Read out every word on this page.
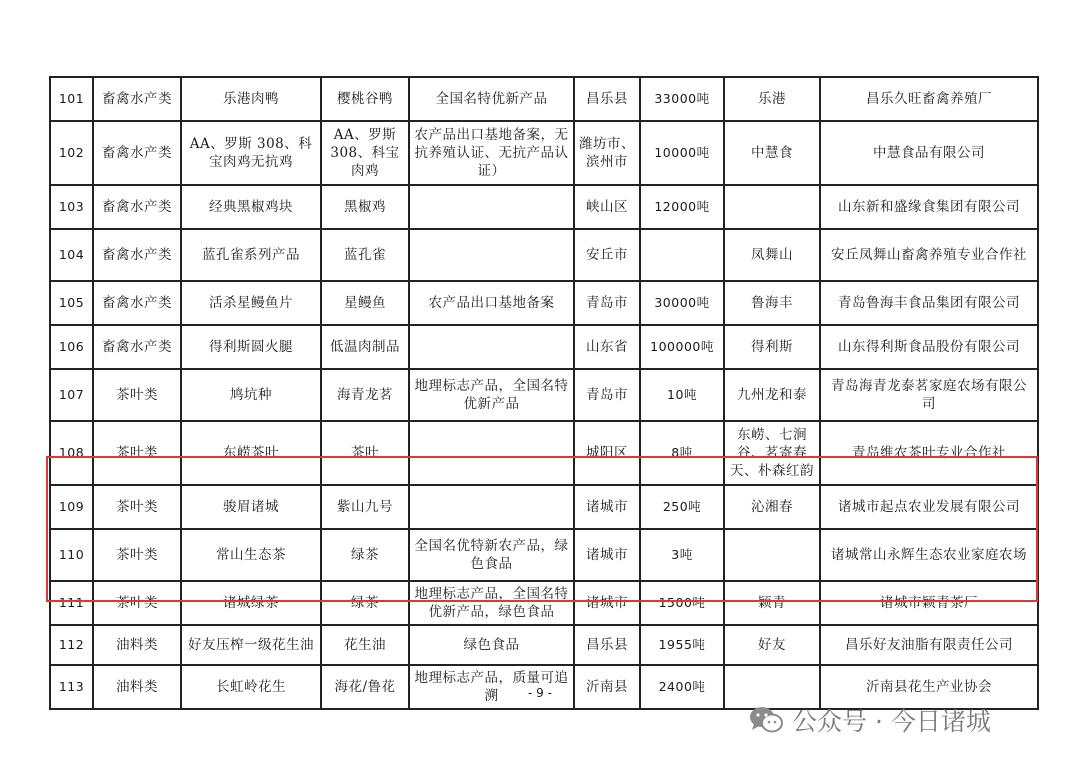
101	畜禽水产类	乐港肉鸭	樱桃谷鸭	全国名特优新产品	昌乐县	33000吨	乐港	昌乐久旺畜禽养殖厂
102	畜禽水产类	AA、罗斯 308、科宝肉鸡无抗鸡	AA、罗斯308、科宝肉鸡	农产品出口基地备案，无抗养殖认证、无抗产品认证）	潍坊市、滨州市	10000吨	中慧食	中慧食品有限公司
103	畜禽水产类	经典黑椒鸡块	黑椒鸡		峡山区	12000吨		山东新和盛缘食集团有限公司
104	畜禽水产类	蓝孔雀系列产品	蓝孔雀		安丘市		凤舞山	安丘凤舞山畜禽养殖专业合作社
105	畜禽水产类	活杀星鳗鱼片	星鳗鱼	农产品出口基地备案	青岛市	30000吨	鲁海丰	青岛鲁海丰食品集团有限公司
106	畜禽水产类	得利斯圆火腿	低温肉制品		山东省	100000吨	得利斯	山东得利斯食品股份有限公司
107	茶叶类	鸠坑种	海青龙茗	地理标志产品，全国名特优新产品	青岛市	10吨	九州龙和泰	青岛海青龙泰茗家庭农场有限公司
108	茶叶类	东崂茶叶	茶叶		城阳区	8吨	东崂、七涧谷、茗寄春天、朴森红韵	青岛维农茶叶专业合作社
109	茶叶类	骏眉诸城	紫山九号		诸城市	250吨	沁湘春	诸城市起点农业发展有限公司
110	茶叶类	常山生态茶	绿茶	全国名优特新农产品，绿色食品	诸城市	3吨		诸城常山永辉生态农业家庭农场
111	茶叶类	诸城绿茶	绿茶	地理标志产品，全国名特优新产品，绿色食品	诸城市	1500吨	颖青	诸城市颖青茶厂
112	油料类	好友压榨一级花生油	花生油	绿色食品	昌乐县	1955吨	好友	昌乐好友油脂有限责任公司
113	油料类	长虹岭花生	海花/鲁花	地理标志产品，质量可追溯	沂南县	2400吨		沂南县花生产业协会
- 9 -
公众号 · 今日诸城
